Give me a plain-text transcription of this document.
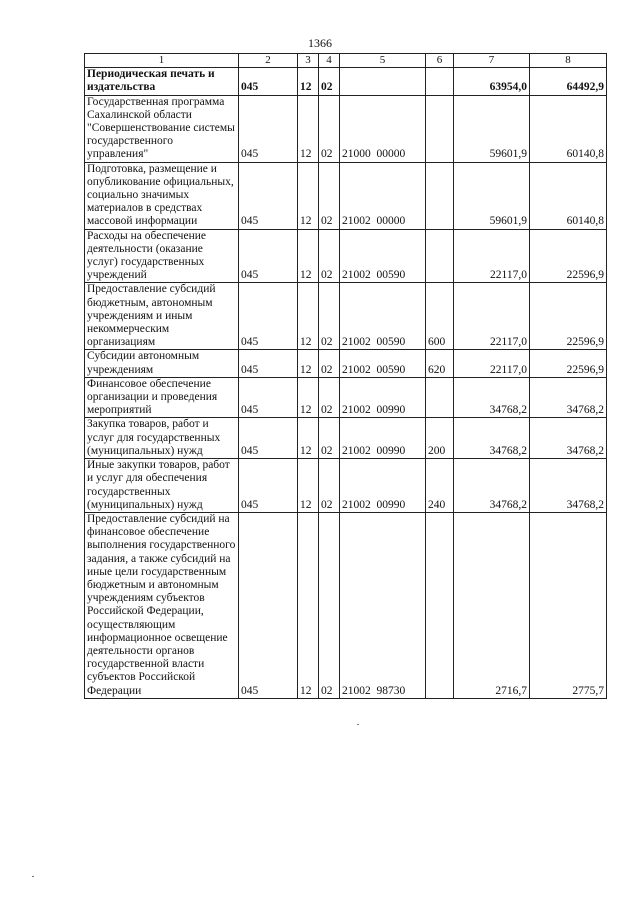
1366
1	2	3	4	5	6	7	8
Периодическая печать и издательства	045	12	02			63954,0	64492,9
Государственная программа Сахалинской области "Совершенствование системы государственного управления"	045	12	02	21000  00000		59601,9	60140,8
Подготовка, размещение и опубликование официальных, социально значимых материалов в средствах массовой информации	045	12	02	21002  00000		59601,9	60140,8
Расходы на обеспечение деятельности (оказание услуг) государственных учреждений	045	12	02	21002  00590		22117,0	22596,9
Предоставление субсидий бюджетным, автономным учреждениям и иным некоммерческим организациям	045	12	02	21002  00590	600	22117,0	22596,9
Субсидии автономным учреждениям	045	12	02	21002  00590	620	22117,0	22596,9
Финансовое обеспечение организации и проведения мероприятий	045	12	02	21002  00990		34768,2	34768,2
Закупка товаров, работ и услуг для государственных (муниципальных) нужд	045	12	02	21002  00990	200	34768,2	34768,2
Иные закупки товаров, работ и услуг для обеспечения государственных (муниципальных) нужд	045	12	02	21002  00990	240	34768,2	34768,2
Предоставление субсидий на финансовое обеспечение выполнения государственного задания, а также субсидий на иные цели государственным бюджетным и автономным учреждениям субъектов Российской Федерации, осуществляющим информационное освещение деятельности органов государственной власти субъектов Российской Федерации	045	12	02	21002  98730		2716,7	2775,7
